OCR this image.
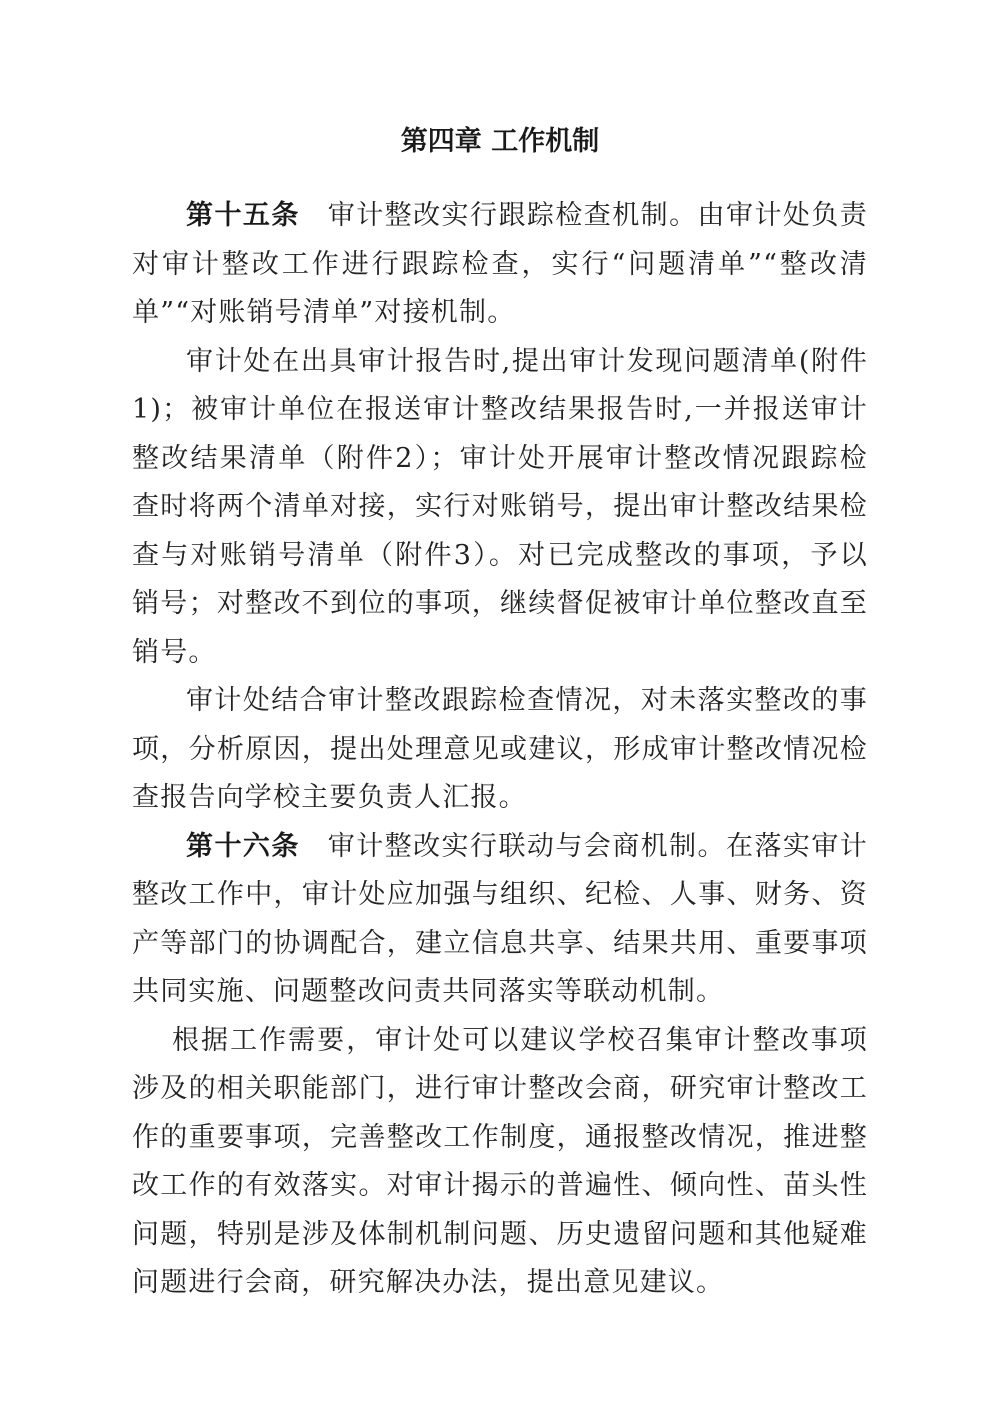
第四章 工作机制

第十五条 审计整改实行跟踪检查机制。由审计处负责对审计整改工作进行跟踪检查，实行“问题清单”“整改清单”“对账销号清单”对接机制。

审计处在出具审计报告时,提出审计发现问题清单(附件1)；被审计单位在报送审计整改结果报告时,一并报送审计整改结果清单（附件2）；审计处开展审计整改情况跟踪检查时将两个清单对接，实行对账销号，提出审计整改结果检查与对账销号清单（附件3）。对已完成整改的事项，予以销号；对整改不到位的事项，继续督促被审计单位整改直至销号。

审计处结合审计整改跟踪检查情况，对未落实整改的事项，分析原因，提出处理意见或建议，形成审计整改情况检查报告向学校主要负责人汇报。

第十六条 审计整改实行联动与会商机制。在落实审计整改工作中，审计处应加强与组织、纪检、人事、财务、资产等部门的协调配合，建立信息共享、结果共用、重要事项共同实施、问题整改问责共同落实等联动机制。

根据工作需要，审计处可以建议学校召集审计整改事项涉及的相关职能部门，进行审计整改会商，研究审计整改工作的重要事项，完善整改工作制度，通报整改情况，推进整改工作的有效落实。对审计揭示的普遍性、倾向性、苗头性问题，特别是涉及体制机制问题、历史遗留问题和其他疑难问题进行会商，研究解决办法，提出意见建议。
